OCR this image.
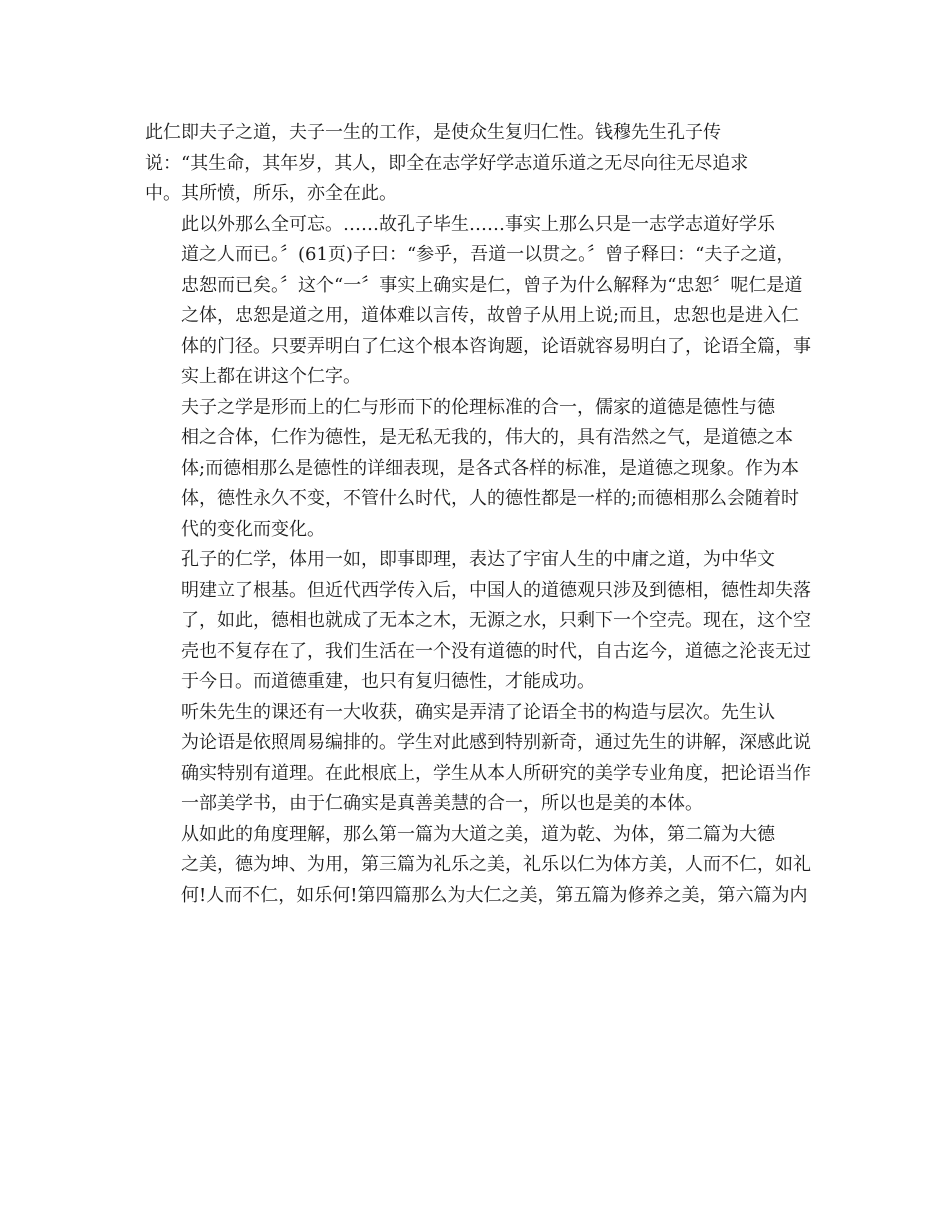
此仁即夫子之道，夫子一生的工作，是使众生复归仁性。钱穆先生孔子传
说：“其生命，其年岁，其人，即全在志学好学志道乐道之无尽向往无尽追求
中。其所愤，所乐，亦全在此。
此以外那么全可忘。……故孔子毕生……事实上那么只是一志学志道好学乐
道之人而已。〞(61页)子曰：“参乎，吾道一以贯之。〞曾子释曰：“夫子之道，
忠恕而已矣。〞这个“一〞事实上确实是仁，曾子为什么解释为“忠恕〞呢仁是道
之体，忠恕是道之用，道体难以言传，故曾子从用上说;而且，忠恕也是进入仁
体的门径。只要弄明白了仁这个根本咨询题，论语就容易明白了，论语全篇，事
实上都在讲这个仁字。
夫子之学是形而上的仁与形而下的伦理标准的合一，儒家的道德是德性与德
相之合体，仁作为德性，是无私无我的，伟大的，具有浩然之气，是道德之本
体;而德相那么是德性的详细表现，是各式各样的标准，是道德之现象。作为本
体，德性永久不变，不管什么时代，人的德性都是一样的;而德相那么会随着时
代的变化而变化。
孔子的仁学，体用一如，即事即理，表达了宇宙人生的中庸之道，为中华文
明建立了根基。但近代西学传入后，中国人的道德观只涉及到德相，德性却失落
了，如此，德相也就成了无本之木，无源之水，只剩下一个空壳。现在，这个空
壳也不复存在了，我们生活在一个没有道德的时代，自古迄今，道德之沦丧无过
于今日。而道德重建，也只有复归德性，才能成功。
听朱先生的课还有一大收获，确实是弄清了论语全书的构造与层次。先生认
为论语是依照周易编排的。学生对此感到特别新奇，通过先生的讲解，深感此说
确实特别有道理。在此根底上，学生从本人所研究的美学专业角度，把论语当作
一部美学书，由于仁确实是真善美慧的合一，所以也是美的本体。
从如此的角度理解，那么第一篇为大道之美，道为乾、为体，第二篇为大德
之美，德为坤、为用，第三篇为礼乐之美，礼乐以仁为体方美，人而不仁，如礼
何!人而不仁，如乐何!第四篇那么为大仁之美，第五篇为修养之美，第六篇为内
